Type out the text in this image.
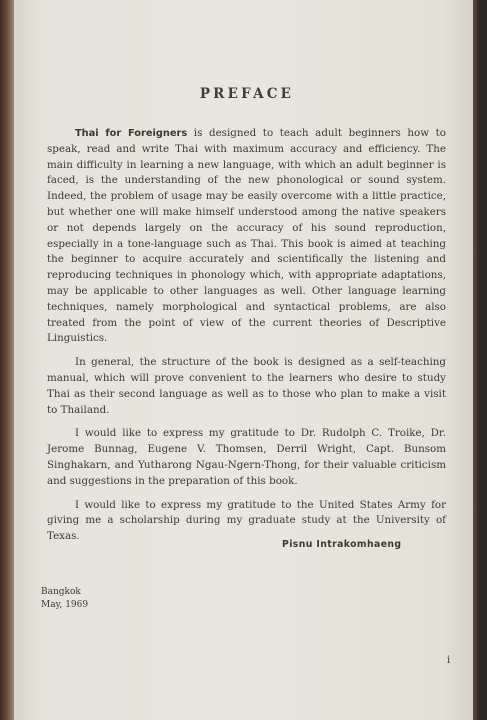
PREFACE

Thai for Foreigners is designed to teach adult beginners how to speak, read and write Thai with maximum accuracy and efficiency. The main difficulty in learning a new language, with which an adult beginner is faced, is the understanding of the new phonological or sound system. Indeed, the problem of usage may be easily overcome with a little practice, but whether one will make himself understood among the native speakers or not depends largely on the accuracy of his sound reproduction, especially in a tone-language such as Thai. This book is aimed at teaching the beginner to acquire accurately and scientifically the listening and reproducing techniques in phonology which, with appropriate adaptations, may be applicable to other languages as well. Other language learning techniques, namely morphological and syntactical problems, are also treated from the point of view of the current theories of Descriptive Linguistics.

In general, the structure of the book is designed as a self-teaching manual, which will prove convenient to the learners who desire to study Thai as their second language as well as to those who plan to make a visit to Thailand.

I would like to express my gratitude to Dr. Rudolph C. Troike, Dr. Jerome Bunnag, Eugene V. Thomsen, Derril Wright, Capt. Bunsom Singhakarn, and Yutharong Ngau-Ngern-Thong, for their valuable criticism and suggestions in the preparation of this book.

I would like to express my gratitude to the United States Army for giving me a scholarship during my graduate study at the University of Texas.

Pisnu Intrakomhaeng
Bangkok
May, 1969
i
